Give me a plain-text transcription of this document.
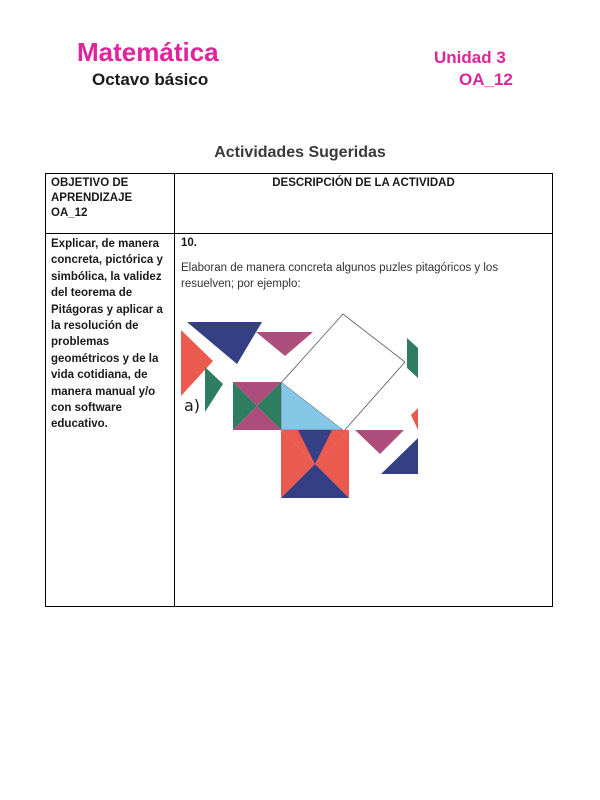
Matemática
Octavo básico
Unidad 3
OA_12
Actividades Sugeridas
OBJETIVO DE
APRENDIZAJE
OA_12
DESCRIPCIÓN DE LA ACTIVIDAD
Explicar, de manera concreta, pictórica y simbólica, la validez del teorema de Pitágoras y aplicar a la resolución de problemas geométricos y de la vida cotidiana, de manera manual y/o con software educativo.
10.
Elaboran de manera concreta algunos puzles pitagóricos y los resuelven; por ejemplo:
a)
